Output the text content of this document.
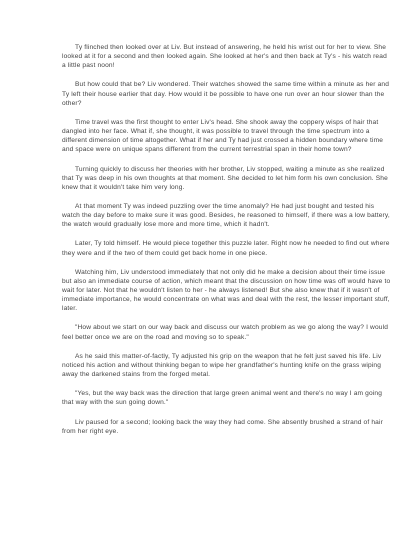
Ty flinched then looked over at Liv. But instead of answering, he held his wrist out for her to view. She looked at it for a second and then looked again. She looked at her's and then back at Ty's - his watch read a little past noon!

But how could that be? Liv wondered. Their watches showed the same time within a minute as her and Ty left their house earlier that day. How would it be possible to have one run over an hour slower than the other?

Time travel was the first thought to enter Liv's head. She shook away the coppery wisps of hair that dangled into her face. What if, she thought, it was possible to travel through the time spectrum into a different dimension of time altogether. What if her and Ty had just crossed a hidden boundary where time and space were on unique spans different from the current terrestrial span in their home town?

Turning quickly to discuss her theories with her brother, Liv stopped, waiting a minute as she realized that Ty was deep in his own thoughts at that moment. She decided to let him form his own conclusion. She knew that it wouldn't take him very long.

At that moment Ty was indeed puzzling over the time anomaly? He had just bought and tested his watch the day before to make sure it was good. Besides, he reasoned to himself, if there was a low battery, the watch would gradually lose more and more time, which it hadn't.

Later, Ty told himself. He would piece together this puzzle later. Right now he needed to find out where they were and if the two of them could get back home in one piece.

Watching him, Liv understood immediately that not only did he make a decision about their time issue but also an immediate course of action, which meant that the discussion on how time was off would have to wait for later. Not that he wouldn't listen to her - he always listened! But she also knew that if it wasn't of immediate importance, he would concentrate on what was and deal with the rest, the lesser important stuff, later.

"How about we start on our way back and discuss our watch problem as we go along the way? I would feel better once we are on the road and moving so to speak."

As he said this matter-of-factly, Ty adjusted his grip on the weapon that he felt just saved his life. Liv noticed his action and without thinking began to wipe her grandfather's hunting knife on the grass wiping away the darkened stains from the forged metal.

"Yes, but the way back was the direction that large green animal went and there's no way I am going that way with the sun going down."

Liv paused for a second; looking back the way they had come. She absently brushed a strand of hair from her right eye.
